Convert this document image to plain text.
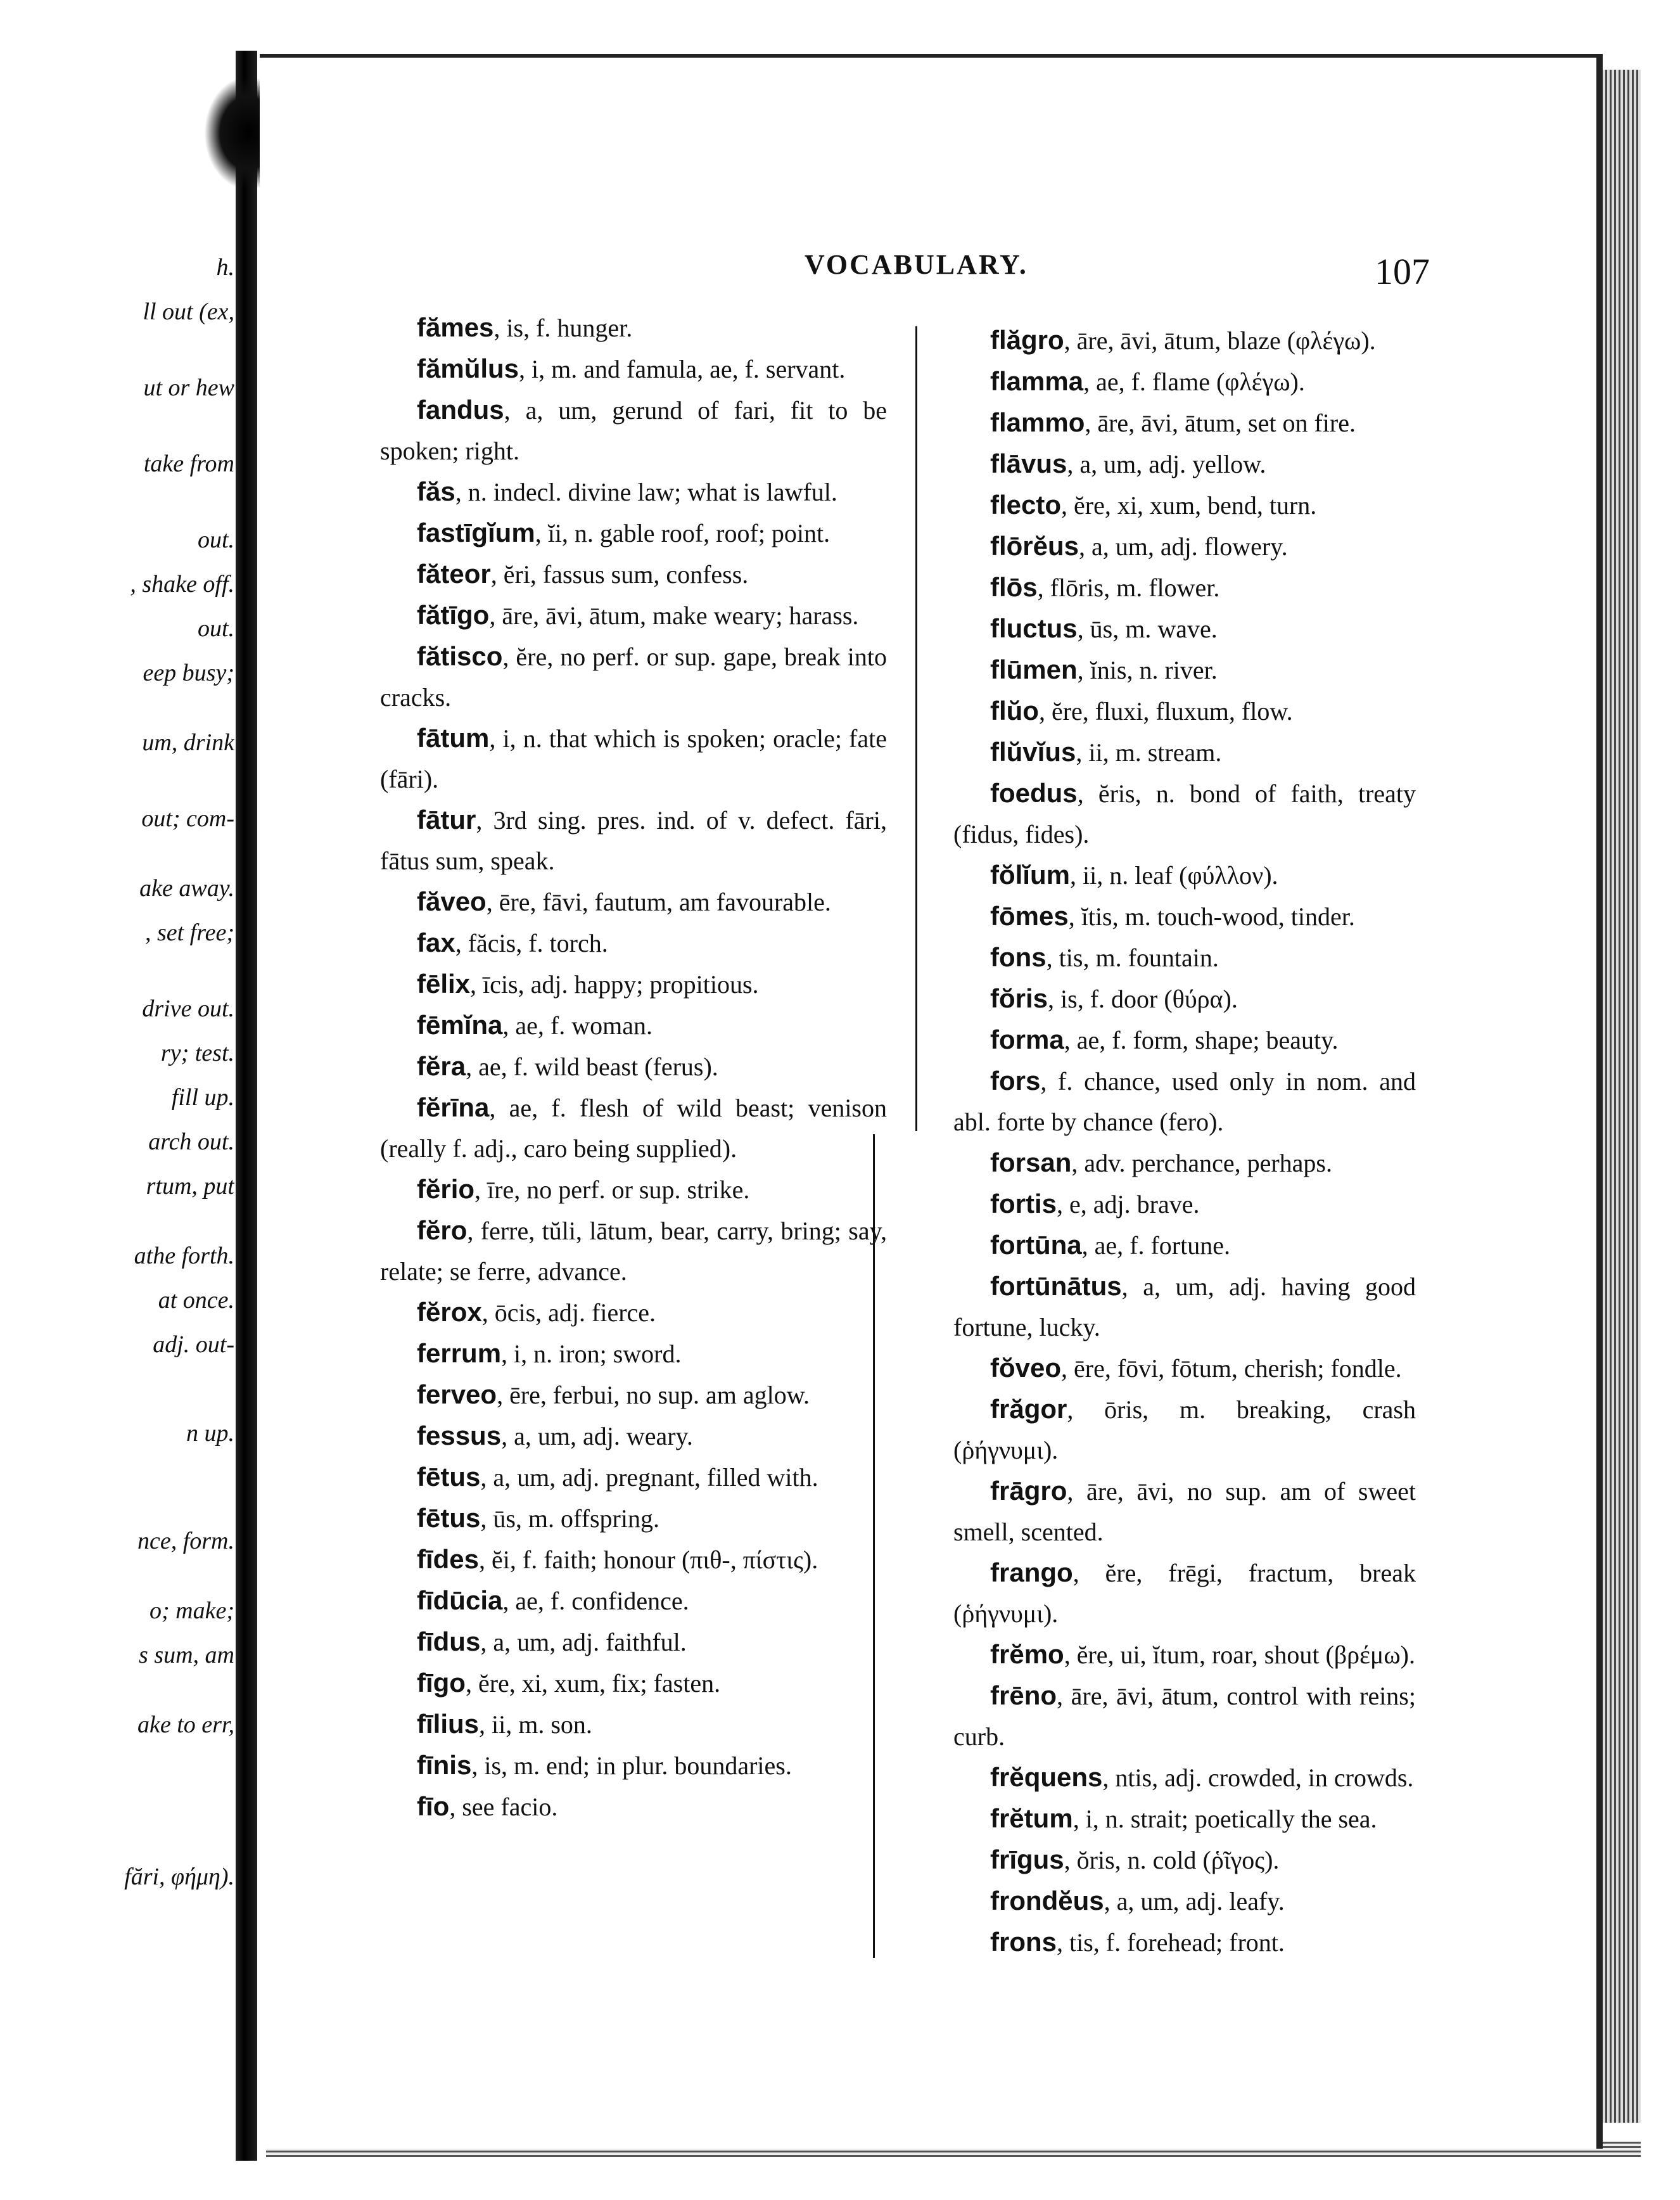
h.
ll out (ex,
ut or hew
take from
out.
, shake off.
out.
eep busy;
um, drink
out; com-
ake away.
, set free;
drive out.
ry; test.
fill up.
arch out.
rtum, put
athe forth.
at once.
adj. out-
n up.
nce, form.
o; make;
s sum, am
ake to err,
fări, φήμη).
VOCABULARY.	107

fămes, is, f. hunger.

fămŭlus, i, m. and famula, ae, f. servant.

fandus, a, um, gerund of fari, fit to be spoken; right.

făs, n. indecl. divine law; what is lawful.

fastīgĭum, ĭi, n. gable roof, roof; point.

făteor, ĕri, fassus sum, confess.

fătīgo, āre, āvi, ātum, make weary; harass.

fătisco, ĕre, no perf. or sup. gape, break into cracks.

fātum, i, n. that which is spoken; oracle; fate (fāri).

fātur, 3rd sing. pres. ind. of v. defect. fāri, fātus sum, speak.

făveo, ēre, fāvi, fautum, am favourable.

fax, făcis, f. torch.

fēlix, īcis, adj. happy; propitious.

fēmĭna, ae, f. woman.

fĕra, ae, f. wild beast (ferus).

fĕrīna, ae, f. flesh of wild beast; venison (really f. adj., caro being supplied).

fĕrio, īre, no perf. or sup. strike.

fĕro, ferre, tŭli, lātum, bear, carry, bring; say, relate; se ferre, advance.

fĕrox, ōcis, adj. fierce.

ferrum, i, n. iron; sword.

ferveo, ēre, ferbui, no sup. am aglow.

fessus, a, um, adj. weary.

fētus, a, um, adj. pregnant, filled with.

fētus, ūs, m. offspring.

fīdes, ĕi, f. faith; honour (πιθ-, πίστις).

fīdūcia, ae, f. confidence.

fīdus, a, um, adj. faithful.

fīgo, ĕre, xi, xum, fix; fasten.

fīlius, ii, m. son.

fīnis, is, m. end; in plur. boundaries.

fīo, see facio.

flăgro, āre, āvi, ātum, blaze (φλέγω).

flamma, ae, f. flame (φλέγω).

flammo, āre, āvi, ātum, set on fire.

flāvus, a, um, adj. yellow.

flecto, ĕre, xi, xum, bend, turn.

flōrĕus, a, um, adj. flowery.

flōs, flōris, m. flower.

fluctus, ūs, m. wave.

flūmen, ĭnis, n. river.

flŭo, ĕre, fluxi, fluxum, flow.

flŭvĭus, ii, m. stream.

foedus, ĕris, n. bond of faith, treaty (fidus, fides).

fŏlĭum, ii, n. leaf (φύλλον).

fōmes, ĭtis, m. touch-wood, tinder.

fons, tis, m. fountain.

fŏris, is, f. door (θύρα).

forma, ae, f. form, shape; beauty.

fors, f. chance, used only in nom. and abl. forte by chance (fero).

forsan, adv. perchance, perhaps.

fortis, e, adj. brave.

fortūna, ae, f. fortune.

fortūnātus, a, um, adj. having good fortune, lucky.

fŏveo, ēre, fōvi, fōtum, cherish; fondle.

frăgor, ōris, m. breaking, crash (ῥήγνυμι).

frāgro, āre, āvi, no sup. am of sweet smell, scented.

frango, ĕre, frēgi, fractum, break (ῥήγνυμι).

frĕmo, ĕre, ui, ĭtum, roar, shout (βρέμω).

frēno, āre, āvi, ātum, control with reins; curb.

frĕquens, ntis, adj. crowded, in crowds.

frĕtum, i, n. strait; poetically the sea.

frīgus, ŏris, n. cold (ῥῖγος).

frondĕus, a, um, adj. leafy.

frons, tis, f. forehead; front.
